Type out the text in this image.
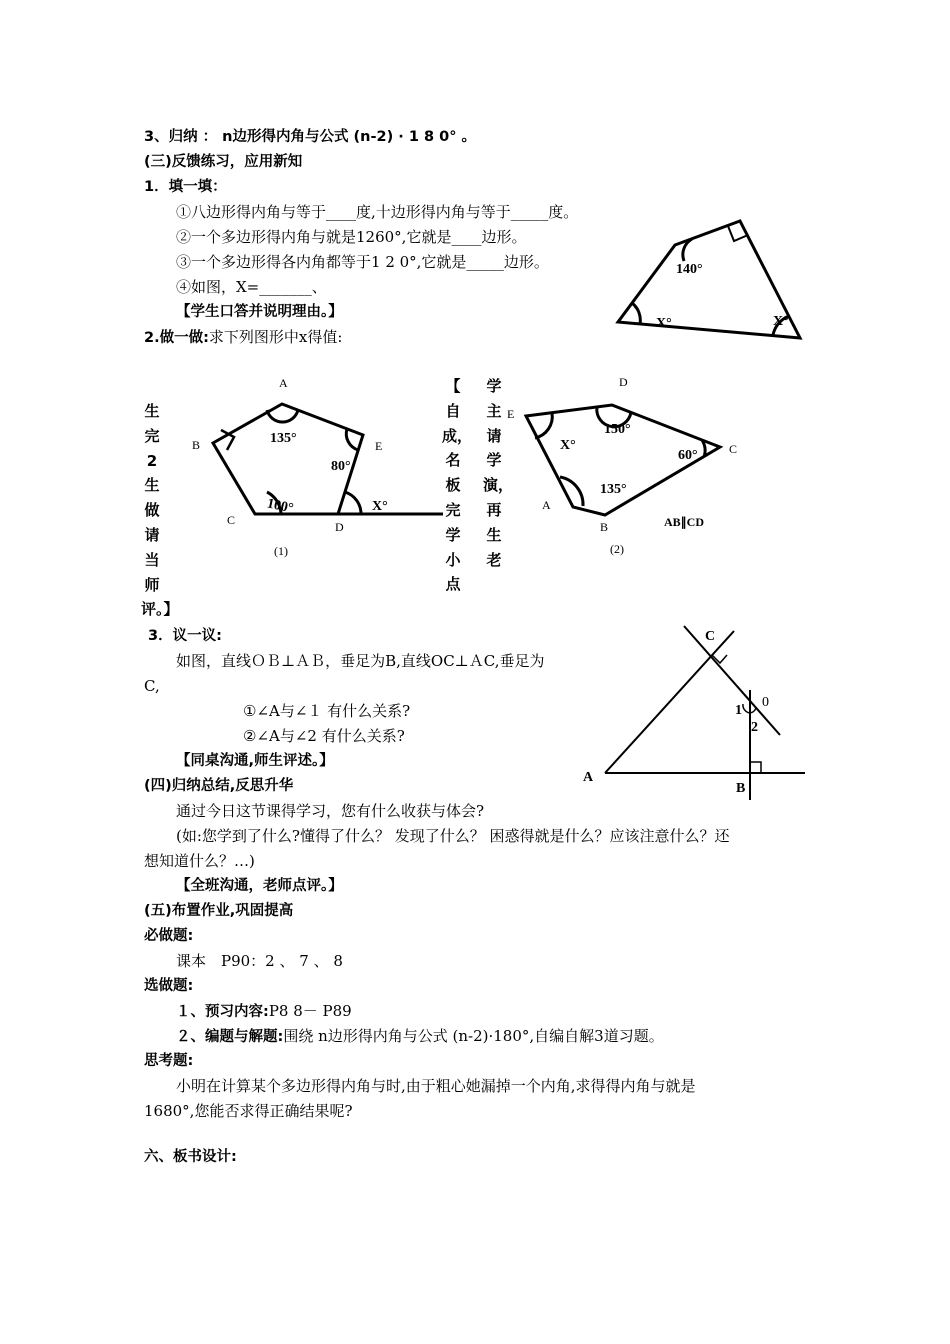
3、归纳 ： n边形得内角与公式 (n-2) · 1 8 0° 。
(三)反馈练习，应用新知
1．填一填：
①八边形得内角与等于____度,十边形得内角与等于_____度。
②一个多边形得内角与就是1260°,它就是____边形。
③一个多边形得各内角都等于1 2 0°,它就是_____边形。
④如图，X=_______、
【学生口答并说明理由。】
2.做一做:求下列图形中x得值:
生
完
2
生
做
请
当
师
评。】
【
自
成，
名
板
完
学
小
点
学
主
请
学
演，
再
生
老
3．议一议:
如图，直线ＯＢ⊥ＡＢ，垂足为B,直线OC⊥ＡC,垂足为
C,
①∠A与∠１ 有什么关系?
②∠A与∠2 有什么关系?
【同桌沟通,师生评述。】
(四)归纳总结,反思升华
通过今日这节课得学习，您有什么收获与体会?
(如:您学到了什么?懂得了什么？ 发现了什么？ 困惑得就是什么？应该注意什么？还
想知道什么？…)
【全班沟通，老师点评。】
(五)布置作业,巩固提高
必做题:
课本　P90：2 、 7 、 8
选做题:
１、预习内容:P8 8－ P89
２、编题与解题:围绕 n边形得内角与公式 (n-2)·180°,自编自解3道习题。
思考题:
小明在计算某个多边形得内角与时,由于粗心她漏掉一个内角,求得得内角与就是
1680°,您能否求得正确结果呢?
六、板书设计:
140°
X°	X°
A
B
C	D
E
135°
80°
100°	X°
(1)
D
E
C
A
B
X°
150°
60°
135°
AB∥CD
(2)
C
0
1
2
A
B
